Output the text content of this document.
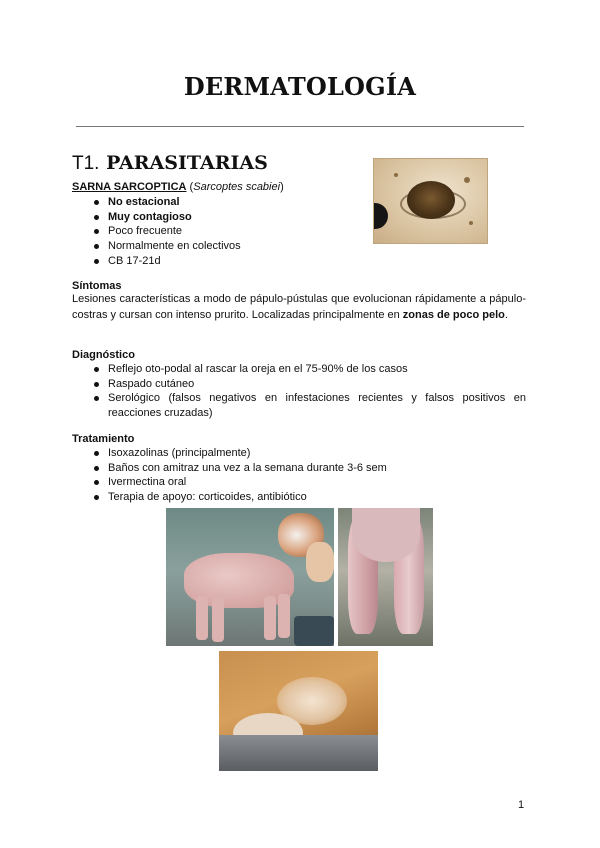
DERMATOLOGÍA
T1. PARASITARIAS
SARNA SARCOPTICA (Sarcoptes scabiei)
No estacional
Muy contagioso
Poco frecuente
Normalmente en colectivos
CB 17-21d
Síntomas
Lesiones características a modo de pápulo-pústulas que evolucionan rápidamente a pápulo-costras y cursan con intenso prurito. Localizadas principalmente en zonas de poco pelo.
Diagnóstico
Reflejo oto-podal al rascar la oreja en el 75-90% de los casos
Raspado cutáneo
Serológico (falsos negativos en infestaciones recientes y falsos positivos en reacciones cruzadas)
Tratamiento
Isoxazolinas (principalmente)
Baños con amitraz una vez a la semana durante 3-6 sem
Ivermectina oral
Terapia de apoyo: corticoides, antibiótico
1
